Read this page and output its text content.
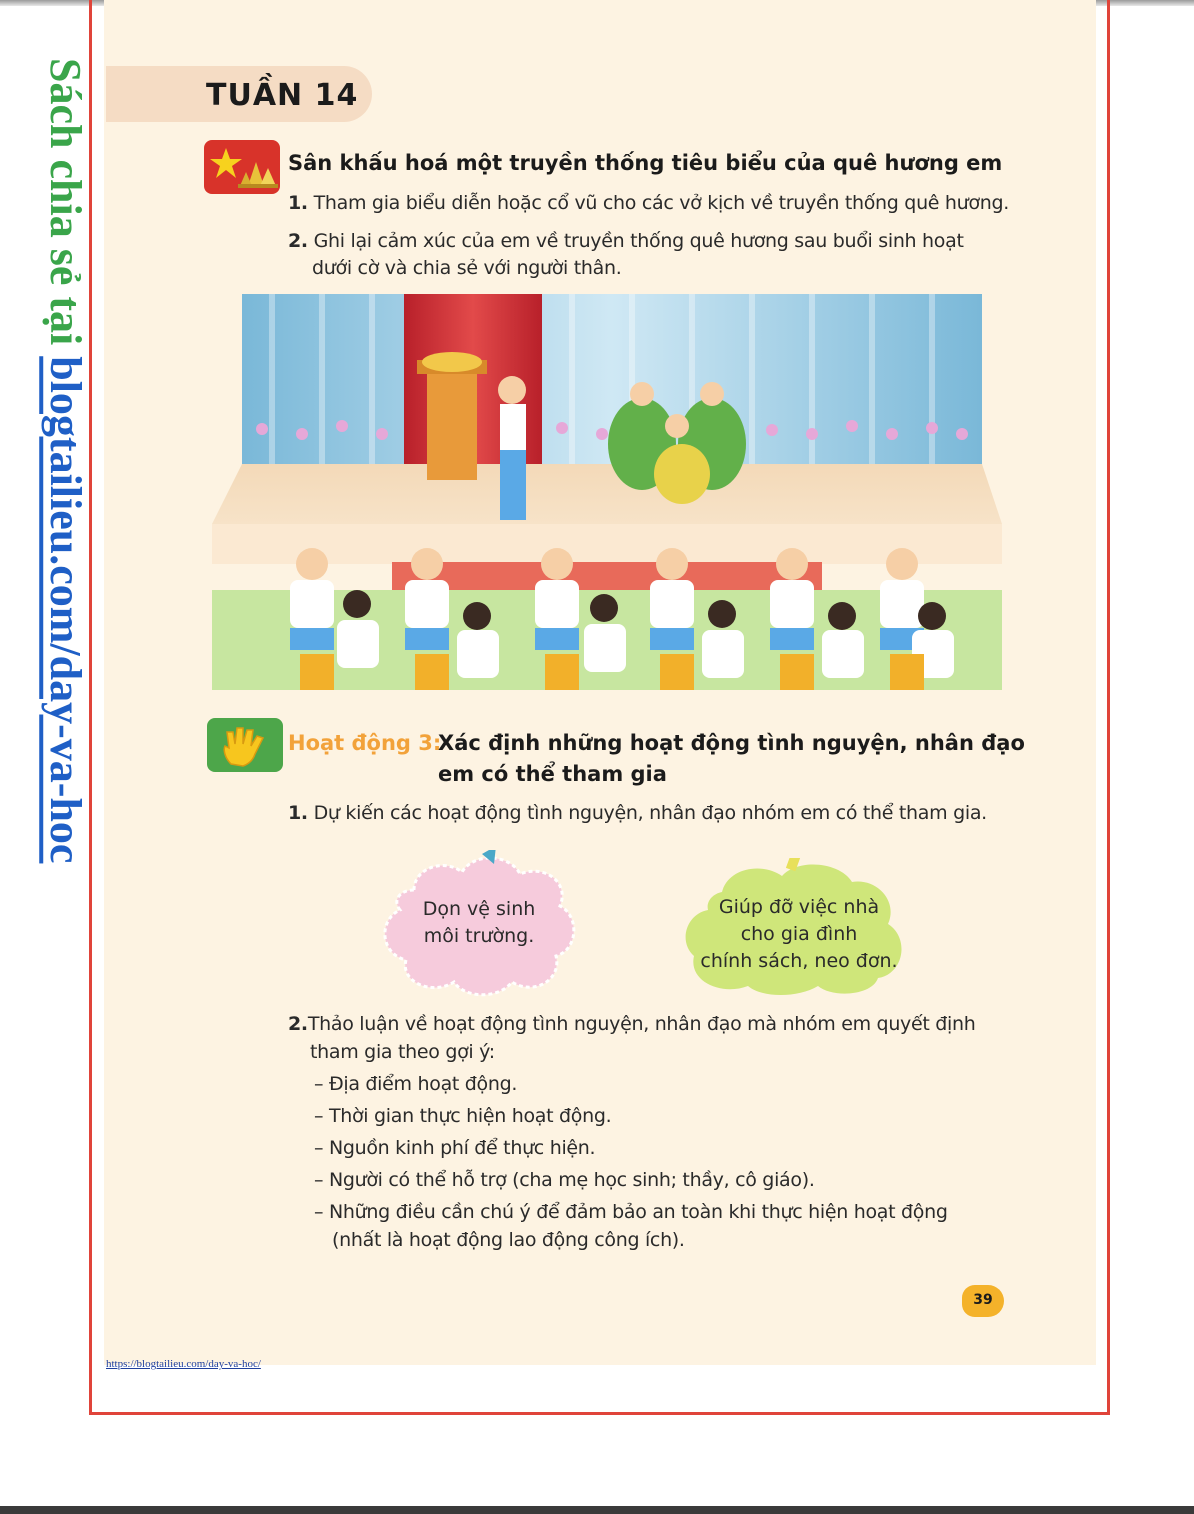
Sách chia sẻ tại blogtailieu.com/day-va-hoc
TUẦN 14
Sân khấu hoá một truyền thống tiêu biểu của quê hương em
1. Tham gia biểu diễn hoặc cổ vũ cho các vở kịch về truyền thống quê hương.
2. Ghi lại cảm xúc của em về truyền thống quê hương sau buổi sinh hoạt
dưới cờ và chia sẻ với người thân.
Hoạt động 3:
Xác định những hoạt động tình nguyện, nhân đạo
em có thể tham gia
1. Dự kiến các hoạt động tình nguyện, nhân đạo nhóm em có thể tham gia.
Dọn vệ sinh
môi trường.
Giúp đỡ việc nhà
cho gia đình
chính sách, neo đơn.
2.Thảo luận về hoạt động tình nguyện, nhân đạo mà nhóm em quyết định
tham gia theo gợi ý:
– Địa điểm hoạt động.
– Thời gian thực hiện hoạt động.
– Nguồn kinh phí để thực hiện.
– Người có thể hỗ trợ (cha mẹ học sinh; thầy, cô giáo).
– Những điều cần chú ý để đảm bảo an toàn khi thực hiện hoạt động
(nhất là hoạt động lao động công ích).
39
https://blogtailieu.com/day-va-hoc/
